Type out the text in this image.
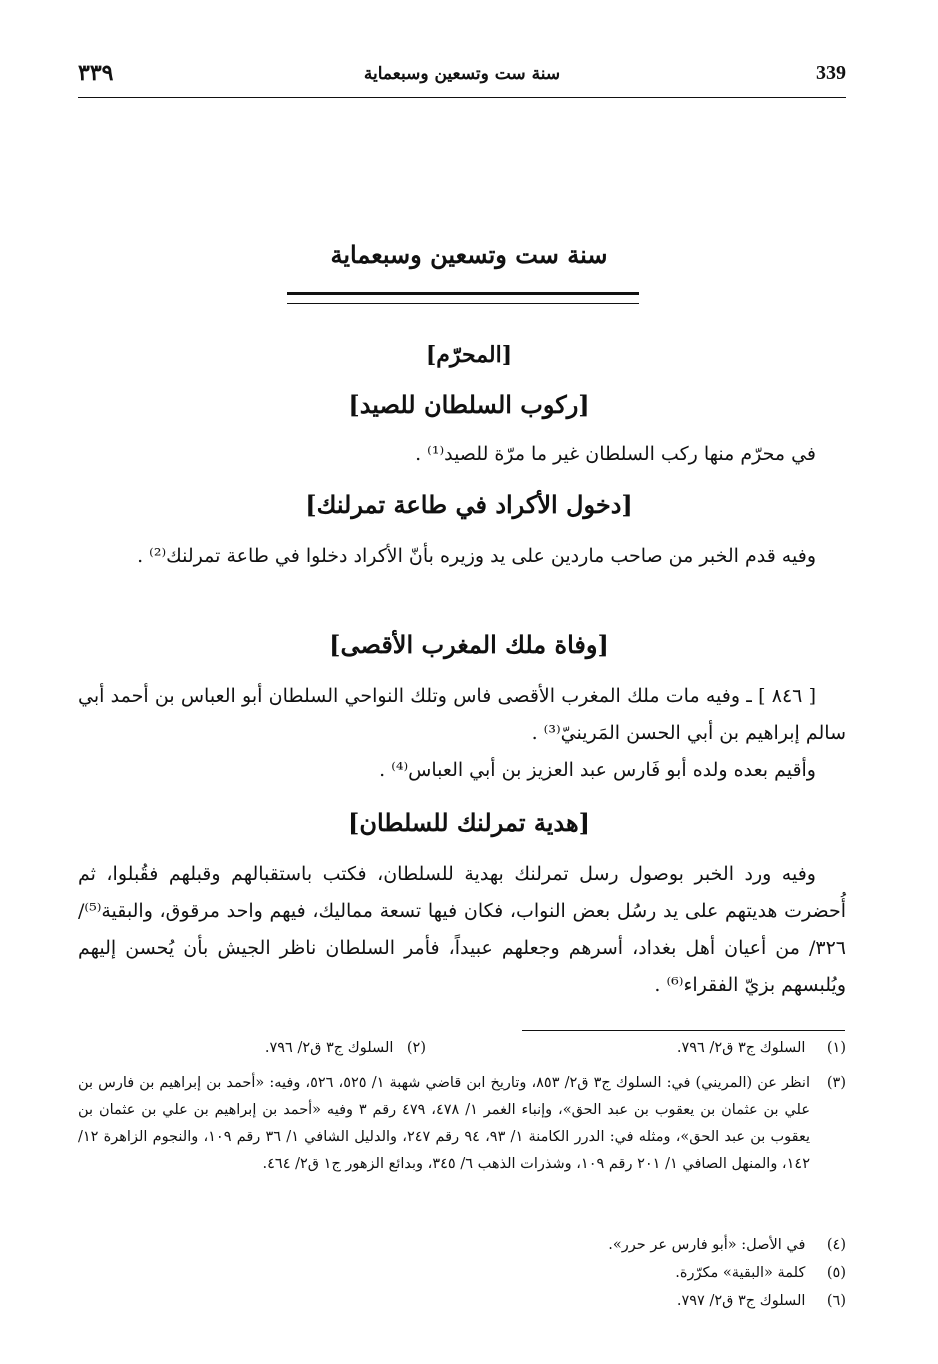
339
سنة ست وتسعين وسبعماية
٣٣٩
سنة ست وتسعين وسبعماية
[المحرّم]
[ركوب السلطان للصيد]
في محرّم منها ركب السلطان غير ما مرّة للصيد⁽¹⁾ .
[دخول الأكراد في طاعة تمرلنك]
وفيه قدم الخبر من صاحب ماردين على يد وزيره بأنّ الأكراد دخلوا في طاعة تمرلنك⁽²⁾ .
[وفاة ملك المغرب الأقصى]
[ ٨٤٦ ] ـ وفيه مات ملك المغرب الأقصى فاس وتلك النواحي السلطان أبو العباس بن أحمد أبي سالم إبراهيم بن أبي الحسن المَرينيّ⁽³⁾ .
وأقيم بعده ولده أبو فَارس عبد العزيز بن أبي العباس⁽⁴⁾ .
[هدية تمرلنك للسلطان]
وفيه ورد الخبر بوصول رسل تمرلنك بهدية للسلطان، فكتب باستقبالهم وقبلهم فقُبلوا، ثم أُحضرت هديتهم على يد رسُل بعض النواب، فكان فيها تسعة مماليك، فيهم واحد مرقوق، والبقية⁽⁵⁾/ ٣٢٦/ من أعيان أهل بغداد، أسرهم وجعلهم عبيداً، فأمر السلطان ناظر الجيش بأن يُحسن إليهم ويُلبسهم بزيّ الفقراء⁽⁶⁾ .
(١) السلوك ج٣ ق٢/ ٧٩٦.
(٢) السلوك ج٣ ق٢/ ٧٩٦.
(٣)
انظر عن (المريني) في: السلوك ج٣ ق٢/ ٨٥٣، وتاريخ ابن قاضي شهبة ١/ ٥٢٥، ٥٢٦، وفيه: «أحمد بن إبراهيم بن فارس بن علي بن عثمان بن يعقوب بن عبد الحق»، وإنباء الغمر ١/ ٤٧٨، ٤٧٩ رقم ٣ وفيه «أحمد بن إبراهيم بن علي بن عثمان بن يعقوب بن عبد الحق»، ومثله في: الدرر الكامنة ١/ ٩٣، ٩٤ رقم ٢٤٧، والدليل الشافي ١/ ٣٦ رقم ١٠٩، والنجوم الزاهرة ١٢/ ١٤٢، والمنهل الصافي ١/ ٢٠١ رقم ١٠٩، وشذرات الذهب ٦/ ٣٤٥، وبدائع الزهور ج١ ق٢/ ٤٦٤.
(٤) في الأصل: «أبو فارس عر حرر».
(٥) كلمة «البقية» مكرّرة.
(٦) السلوك ج٣ ق٢/ ٧٩٧.
